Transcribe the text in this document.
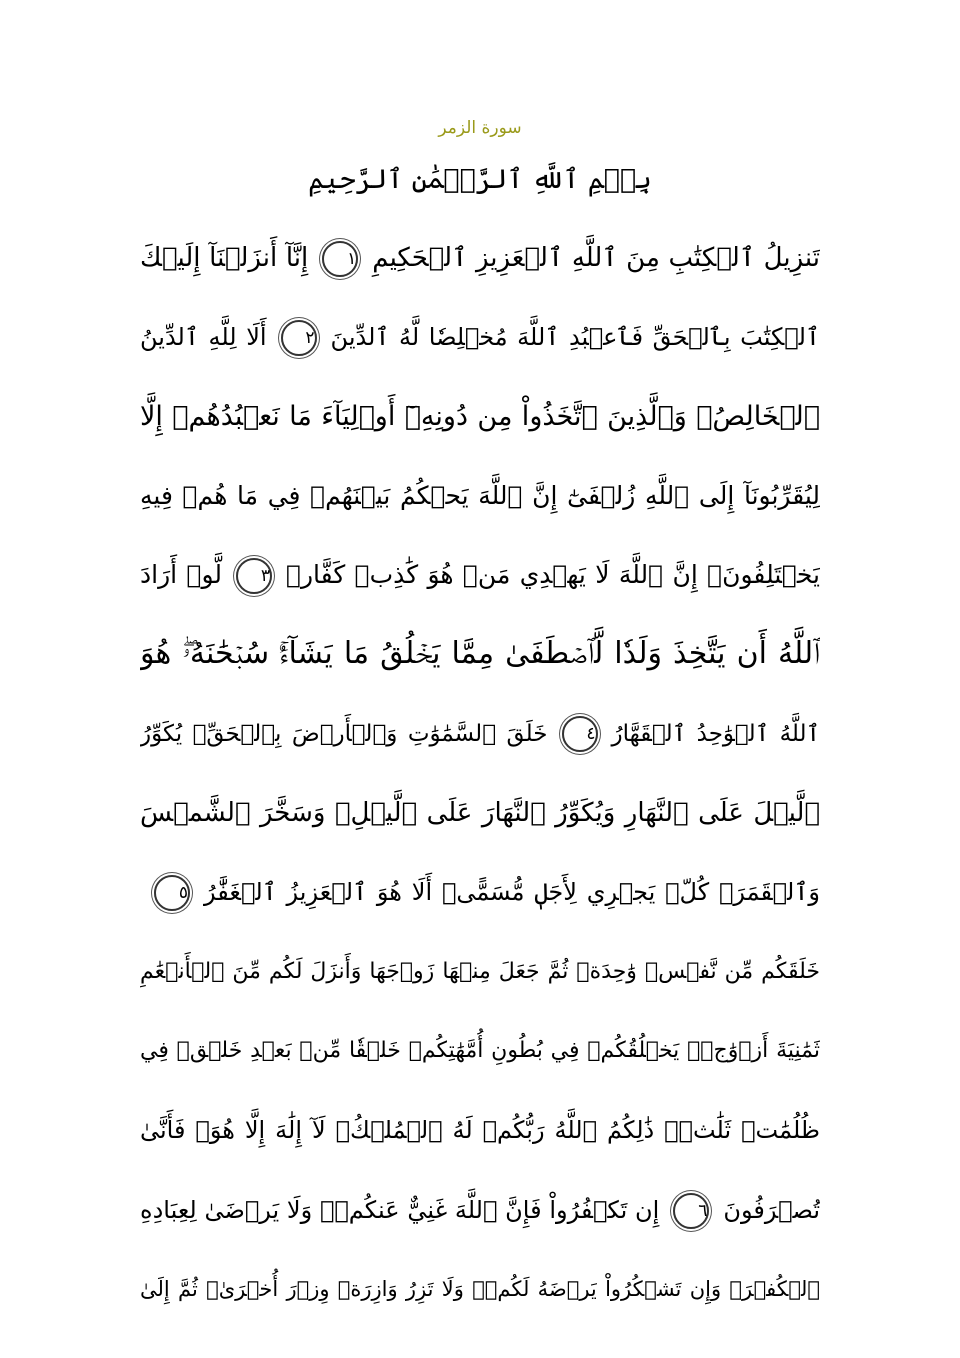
سورة الزمر
بِسۡمِ ٱللَّهِ ٱلرَّحۡمَٰنِ ٱلرَّحِيمِ
تَنزِيلُ ٱلۡكِتَٰبِ مِنَ ٱللَّهِ ٱلۡعَزِيزِ ٱلۡحَكِيمِ١إِنَّآ أَنزَلۡنَآ إِلَيۡكَ
ٱلۡكِتَٰبَ بِٱلۡحَقِّ فَٱعۡبُدِ ٱللَّهَ مُخۡلِصٗا لَّهُ ٱلدِّينَ٢أَلَا لِلَّهِ ٱلدِّينُ
ٱلۡخَالِصُۚ وَٱلَّذِينَ ٱتَّخَذُواْ مِن دُونِهِۦٓ أَوۡلِيَآءَ مَا نَعۡبُدُهُمۡ إِلَّا
لِيُقَرِّبُونَآ إِلَى ٱللَّهِ زُلۡفَىٰٓ إِنَّ ٱللَّهَ يَحۡكُمُ بَيۡنَهُمۡ فِي مَا هُمۡ فِيهِ
يَخۡتَلِفُونَۗ إِنَّ ٱللَّهَ لَا يَهۡدِي مَنۡ هُوَ كَٰذِبٞ كَفَّارٞ٣لَّوۡ أَرَادَ
ٱللَّهُ أَن يَتَّخِذَ وَلَدٗا لَّٱصۡطَفَىٰ مِمَّا يَخۡلُقُ مَا يَشَآءُۚ سُبۡحَٰنَهُۥۖ هُوَ
ٱللَّهُ ٱلۡوَٰحِدُ ٱلۡقَهَّارُ٤خَلَقَ ٱلسَّمَٰوَٰتِ وَٱلۡأَرۡضَ بِٱلۡحَقِّۖ يُكَوِّرُ
ٱلَّيۡلَ عَلَى ٱلنَّهَارِ وَيُكَوِّرُ ٱلنَّهَارَ عَلَى ٱلَّيۡلِۖ وَسَخَّرَ ٱلشَّمۡسَ
وَٱلۡقَمَرَۖ كُلّٞ يَجۡرِي لِأَجَلٖ مُّسَمًّىۗ أَلَا هُوَ ٱلۡعَزِيزُ ٱلۡغَفَّٰرُ٥
خَلَقَكُم مِّن نَّفۡسٖ وَٰحِدَةٖ ثُمَّ جَعَلَ مِنۡهَا زَوۡجَهَا وَأَنزَلَ لَكُم مِّنَ ٱلۡأَنۡعَٰمِ
ثَمَٰنِيَةَ أَزۡوَٰجٖۚ يَخۡلُقُكُمۡ فِي بُطُونِ أُمَّهَٰتِكُمۡ خَلۡقٗا مِّنۢ بَعۡدِ خَلۡقٖ فِي
ظُلُمَٰتٖ ثَلَٰثٖۚ ذَٰلِكُمُ ٱللَّهُ رَبُّكُمۡ لَهُ ٱلۡمُلۡكُۖ لَآ إِلَٰهَ إِلَّا هُوَۖ فَأَنَّىٰ
تُصۡرَفُونَ٦إِن تَكۡفُرُواْ فَإِنَّ ٱللَّهَ غَنِيٌّ عَنكُمۡۖ وَلَا يَرۡضَىٰ لِعِبَادِهِ
ٱلۡكُفۡرَۖ وَإِن تَشۡكُرُواْ يَرۡضَهُ لَكُمۡۗ وَلَا تَزِرُ وَازِرَةٞ وِزۡرَ أُخۡرَىٰۗ ثُمَّ إِلَىٰ
